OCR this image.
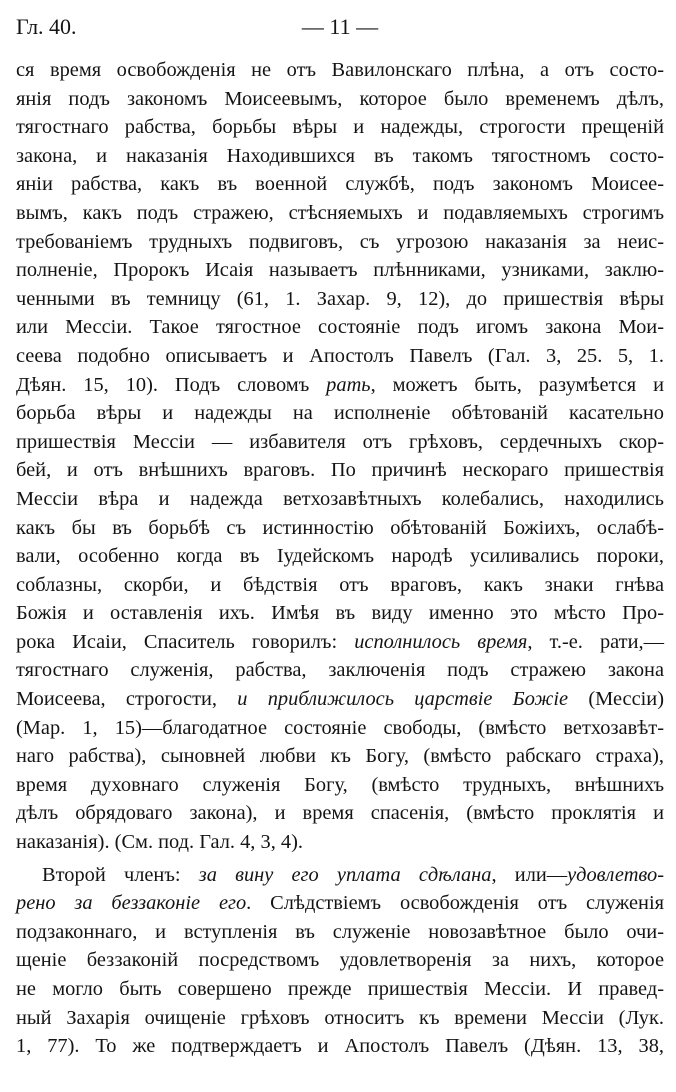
Гл. 40.	— 11 —
ся время освобожденія не отъ Вавилонскаго плѣна, а отъ состо-
янія подъ закономъ Моисеевымъ, которое было временемъ дѣлъ,
тягостнаго рабства, борьбы вѣры и надежды, строгости прещеній
закона, и наказанія Находившихся въ такомъ тягостномъ состо-
яніи рабства, какъ въ военной службѣ, подъ закономъ Моисее-
вымъ, какъ подъ стражею, стѣсняемыхъ и подавляемыхъ строгимъ
требованіемъ трудныхъ подвиговъ, съ угрозою наказанія за неис-
полненіе, Пророкъ Исаія называетъ плѣнниками, узниками, заклю-
ченными въ темницу (61, 1. Захар. 9, 12), до пришествія вѣры
или Мессіи. Такое тягостное состояніе подъ игомъ закона Мои-
сеева подобно описываетъ и Апостолъ Павелъ (Гал. 3, 25. 5, 1.
Дѣян. 15, 10). Подъ словомъ рать, можетъ быть, разумѣется и
борьба вѣры и надежды на исполненіе обѣтованій касательно
пришествія Мессіи — избавителя отъ грѣховъ, сердечныхъ скор-
бей, и отъ внѣшнихъ враговъ. По причинѣ нескораго пришествія
Мессіи вѣра и надежда ветхозавѣтныхъ колебались, находились
какъ бы въ борьбѣ съ истинностію обѣтованій Божіихъ, ослабѣ-
вали, особенно когда въ Іудейскомъ народѣ усиливались пороки,
соблазны, скорби, и бѣдствія отъ враговъ, какъ знаки гнѣва
Божія и оставленія ихъ. Имѣя въ виду именно это мѣсто Про-
рока Исаіи, Спаситель говорилъ: исполнилось время, т.-е. рати,—
тягостнаго служенія, рабства, заключенія подъ стражею закона
Моисеева, строгости, и приближилось царствіе Божіе (Мессіи)
(Мар. 1, 15)—благодатное состояніе свободы, (вмѣсто ветхозавѣт-
наго рабства), сыновней любви къ Богу, (вмѣсто рабскаго страха),
время духовнаго служенія Богу, (вмѣсто трудныхъ, внѣшнихъ
дѣлъ обрядоваго закона), и время спасенія, (вмѣсто проклятія и
наказанія). (См. под. Гал. 4, 3, 4).
Второй членъ: за вину его уплата сдѣлана, или—удовлетво-
рено за беззаконіе его. Слѣдствіемъ освобожденія отъ служенія
подзаконнаго, и вступленія въ служеніе новозавѣтное было очи-
щеніе беззаконій посредствомъ удовлетворенія за нихъ, которое
не могло быть совершено прежде пришествія Мессіи. И правед-
ный Захарія очищеніе грѣховъ относитъ къ времени Мессіи (Лук.
1, 77). То же подтверждаетъ и Апостолъ Павелъ (Дѣян. 13, 38,
